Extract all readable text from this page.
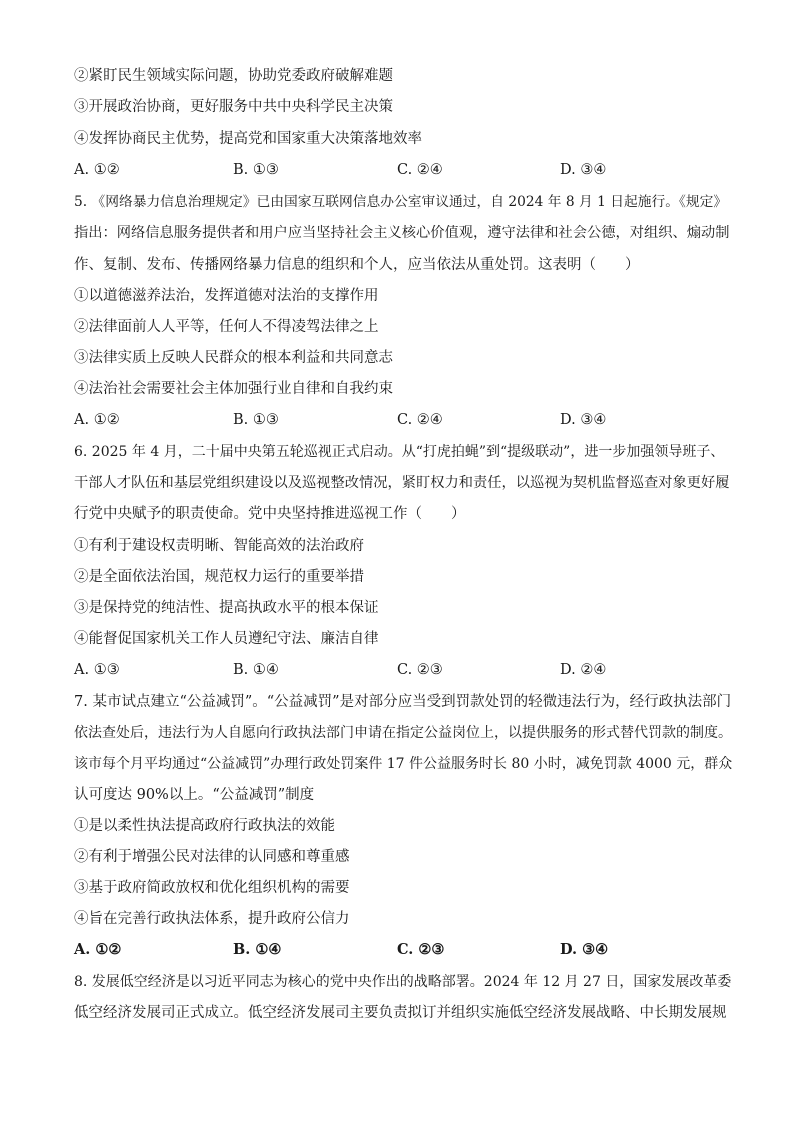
②紧盯民生领域实际问题，协助党委政府破解难题
③开展政治协商，更好服务中共中央科学民主决策
④发挥协商民主优势，提高党和国家重大决策落地效率
A. ①②	B. ①③	C. ②④	D. ③④
5. 《网络暴力信息治理规定》已由国家互联网信息办公室审议通过，自 2024 年 8 月 1 日起施行。《规定》
指出：网络信息服务提供者和用户应当坚持社会主义核心价值观，遵守法律和社会公德，对组织、煽动制
作、复制、发布、传播网络暴力信息的组织和个人，应当依法从重处罚。这表明（　　）
①以道德滋养法治，发挥道德对法治的支撑作用
②法律面前人人平等，任何人不得凌驾法律之上
③法律实质上反映人民群众的根本利益和共同意志
④法治社会需要社会主体加强行业自律和自我约束
A. ①②	B. ①③	C. ②④	D. ③④
6. 2025 年 4 月，二十届中央第五轮巡视正式启动。从“打虎拍蝇”到“提级联动”，进一步加强领导班子、
干部人才队伍和基层党组织建设以及巡视整改情况，紧盯权力和责任，以巡视为契机监督巡查对象更好履
行党中央赋予的职责使命。党中央坚持推进巡视工作（　　）
①有利于建设权责明晰、智能高效的法治政府
②是全面依法治国，规范权力运行的重要举措
③是保持党的纯洁性、提高执政水平的根本保证
④能督促国家机关工作人员遵纪守法、廉洁自律
A. ①③	B. ①④	C. ②③	D. ②④
7. 某市试点建立“公益减罚”。“公益减罚”是对部分应当受到罚款处罚的轻微违法行为，经行政执法部门
依法查处后，违法行为人自愿向行政执法部门申请在指定公益岗位上，以提供服务的形式替代罚款的制度。
该市每个月平均通过“公益减罚”办理行政处罚案件 17 件公益服务时长 80 小时，减免罚款 4000 元，群众
认可度达 90%以上。“公益减罚”制度
①是以柔性执法提高政府行政执法的效能
②有利于增强公民对法律的认同感和尊重感
③基于政府简政放权和优化组织机构的需要
④旨在完善行政执法体系，提升政府公信力
A. ①②	B. ①④	C. ②③	D. ③④
8. 发展低空经济是以习近平同志为核心的党中央作出的战略部署。2024 年 12 月 27 日，国家发展改革委
低空经济发展司正式成立。低空经济发展司主要负责拟订并组织实施低空经济发展战略、中长期发展规
